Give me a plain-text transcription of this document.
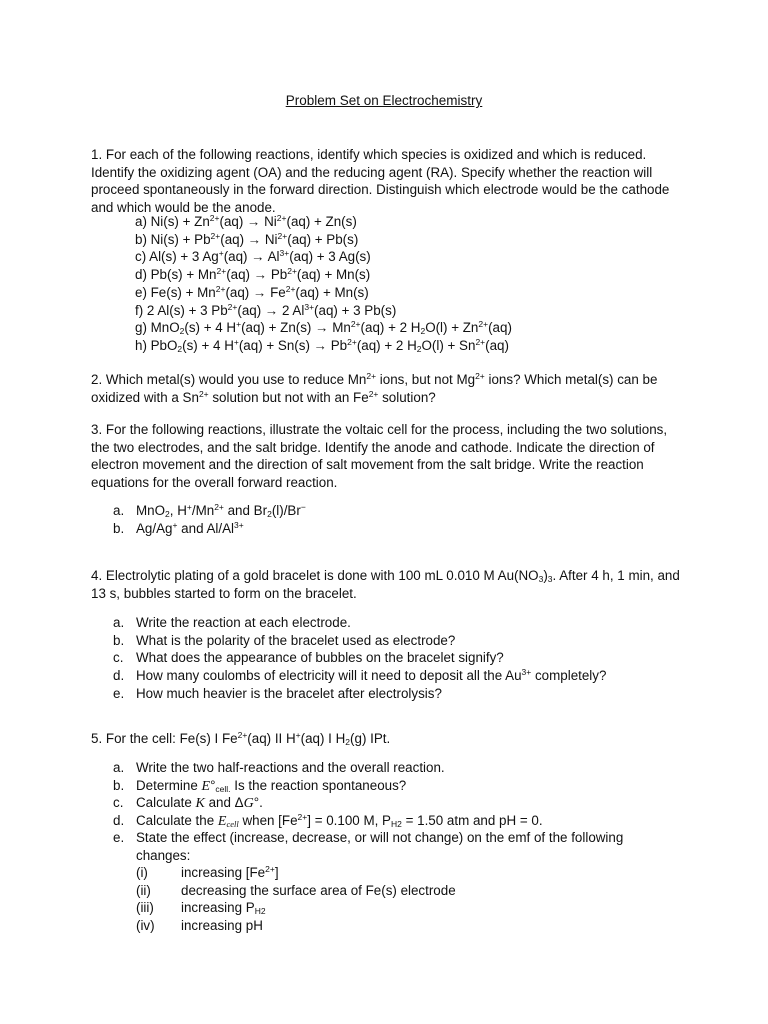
Problem Set on Electrochemistry
1. For each of the following reactions, identify which species is oxidized and which is reduced. Identify the oxidizing agent (OA) and the reducing agent (RA). Specify whether the reaction will proceed spontaneously in the forward direction. Distinguish which electrode would be the cathode and which would be the anode.
a) $Ni(s) + Zn^{2+}(aq) \to Ni^{2+}(aq) + Zn(s)$
b) $Ni(s) + Pb^{2+}(aq) \to Ni^{2+}(aq) + Pb(s)$
c) Al(s) + 3 $Ag^+(aq) \to Al^{3+}(aq) + 3$ Ag(s)
d) $Pb(s) + Mn^{2+}(aq) \to Pb^{2+}(aq) + Mn(s)$
e) $Fe(s) + Mn^{2+}(aq) \to Fe^{2+}(aq) + Mn(s)$
f) 2 Al(s) + 3 $Pb^{2+}(aq) \to 2$ $Al^{3+}(aq) + 3$ Pb(s)
g) MnO$_2$(s) + 4 $H^+(aq) + Zn(s) \to Mn^{2+}(aq) + 2$ $H_2O(l) + Zn^{2+}(aq)$
h) PbO$_2$(s) + 4 $H^+(aq) + Sn(s) \to Pb^{2+}(aq) + 2$ $H_2O(l) + Sn^{2+}(aq)$
2. Which metal(s) would you use to reduce $Mn^{2+}$ ions, but not $Mg^{2+}$ ions? Which metal(s) can be oxidized with a $Sn^{2+}$ solution but not with an $Fe^{2+}$ solution?
3. For the following reactions, illustrate the voltaic cell for the process, including the two solutions, the two electrodes, and the salt bridge. Identify the anode and cathode. Indicate the direction of electron movement and the direction of salt movement from the salt bridge. Write the reaction equations for the overall forward reaction.
a. MnO$_2$, $H^+/Mn^{2+}$ and $Br_2(l)/Br^-$
b. Ag/Ag+ and $Al/Al^{3+}$
4. Electrolytic plating of a gold bracelet is done with 100 mL 0.010 M $Au(NO_3)_3$. After 4 h, 1 min, and 13 s, bubbles started to form on the bracelet.
a. Write the reaction at each electrode.
b. What is the polarity of the bracelet used as electrode?
c. What does the appearance of bubbles on the bracelet signify?
d. How many coulombs of electricity will it need to deposit all the $Au^{3+}$ completely?
e. How much heavier is the bracelet after electrolysis?
5. For the cell: Fe(s) I $Fe^{2+}(aq)$ II H+(aq) I $H_2(g)$ IPt.
a. Write the two half-reactions and the overall reaction.
b. Determine $E^\circ_{cell.}$ Is the reaction spontaneous?
c. Calculate K and ΔG°.
d. Calculate the $E_{cell}$ when $[Fe^{2+}] = 0.100$ M, $P_{H2} = 1.50$ atm and pH = 0.
e. State the effect (increase, decrease, or will not change) on the emf of the following changes:
(i) increasing $[Fe^{2+}]$
(ii) decreasing the surface area of Fe(s) electrode
(iii) increasing $P_{H2}$
(iv) increasing pH
